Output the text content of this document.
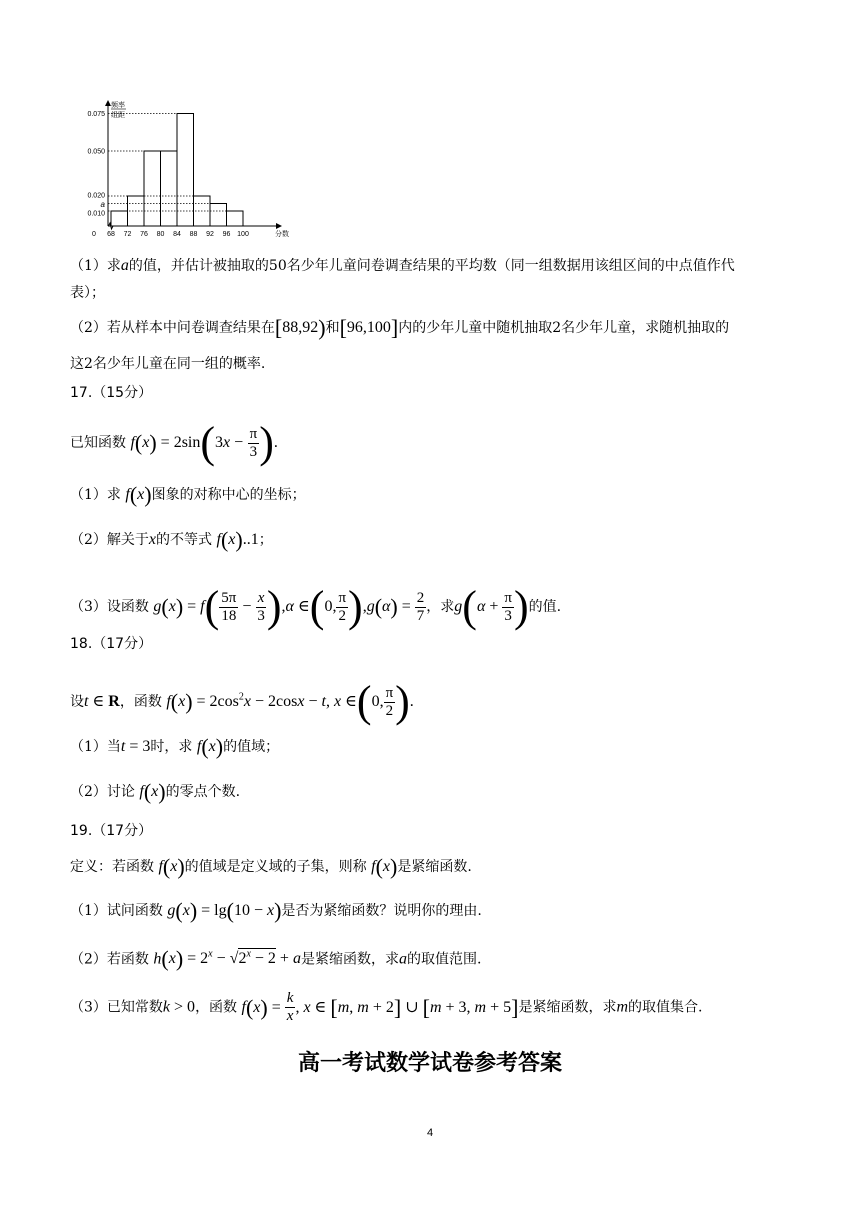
0.075
0.050
0.020
a
0.010
0 68 72 76 80 84 88 92 96 100	分数
频率
组距
（1）求a的值，并估计被抽取的50名少年儿童问卷调查结果的平均数（同一组数据用该组区间的中点值作代
表）；
（2）若从样本中问卷调查结果在[88,92)和[96,100]内的少年儿童中随机抽取2名少年儿童，求随机抽取的
这2名少年儿童在同一组的概率.
17.（15分）
已知函数 $f(x) = 2\sin(3x - \frac{\pi}{3}$ ).
（1）求 f(x)图象的对称中心的坐标；
（2）解关于x的不等式 f(x)..1；
（3）设函数 $g(x) = f( \frac{5\pi}{18} - \frac{x}{3} ),\alpha$ ∈(0, $\frac{\pi}{2} ),g(\alpha) = \frac{2}{7}$ ，求$g(\alpha + \frac{\pi}{3}$ )的值.
18.（17分）
设t ∈ R，函数 $f(x) = 2\cos^2x - 2\cos x - t$, x ∈(0, $\frac{\pi}{2}$ ).
（1）当t = 3时，求 f(x)的值域；
（2）讨论 f(x)的零点个数.
19.（17分）
定义：若函数 f(x)的值域是定义域的子集，则称 f(x)是紧缩函数.
（1）试问函数 g(x) = lg(10 − x)是否为紧缩函数？说明你的理由.
（2）若函数 $h(x) = 2^x - √2^x - 2 + a$是紧缩函数，求a的取值范围.
（3）已知常数k > 0，函数 $f(x) = \frac{k}{x}$ , x ∈ [m, m + 2] ∪ [m + 3, m + 5]是紧缩函数，求m的取值集合.
高一考试数学试卷参考答案
4
